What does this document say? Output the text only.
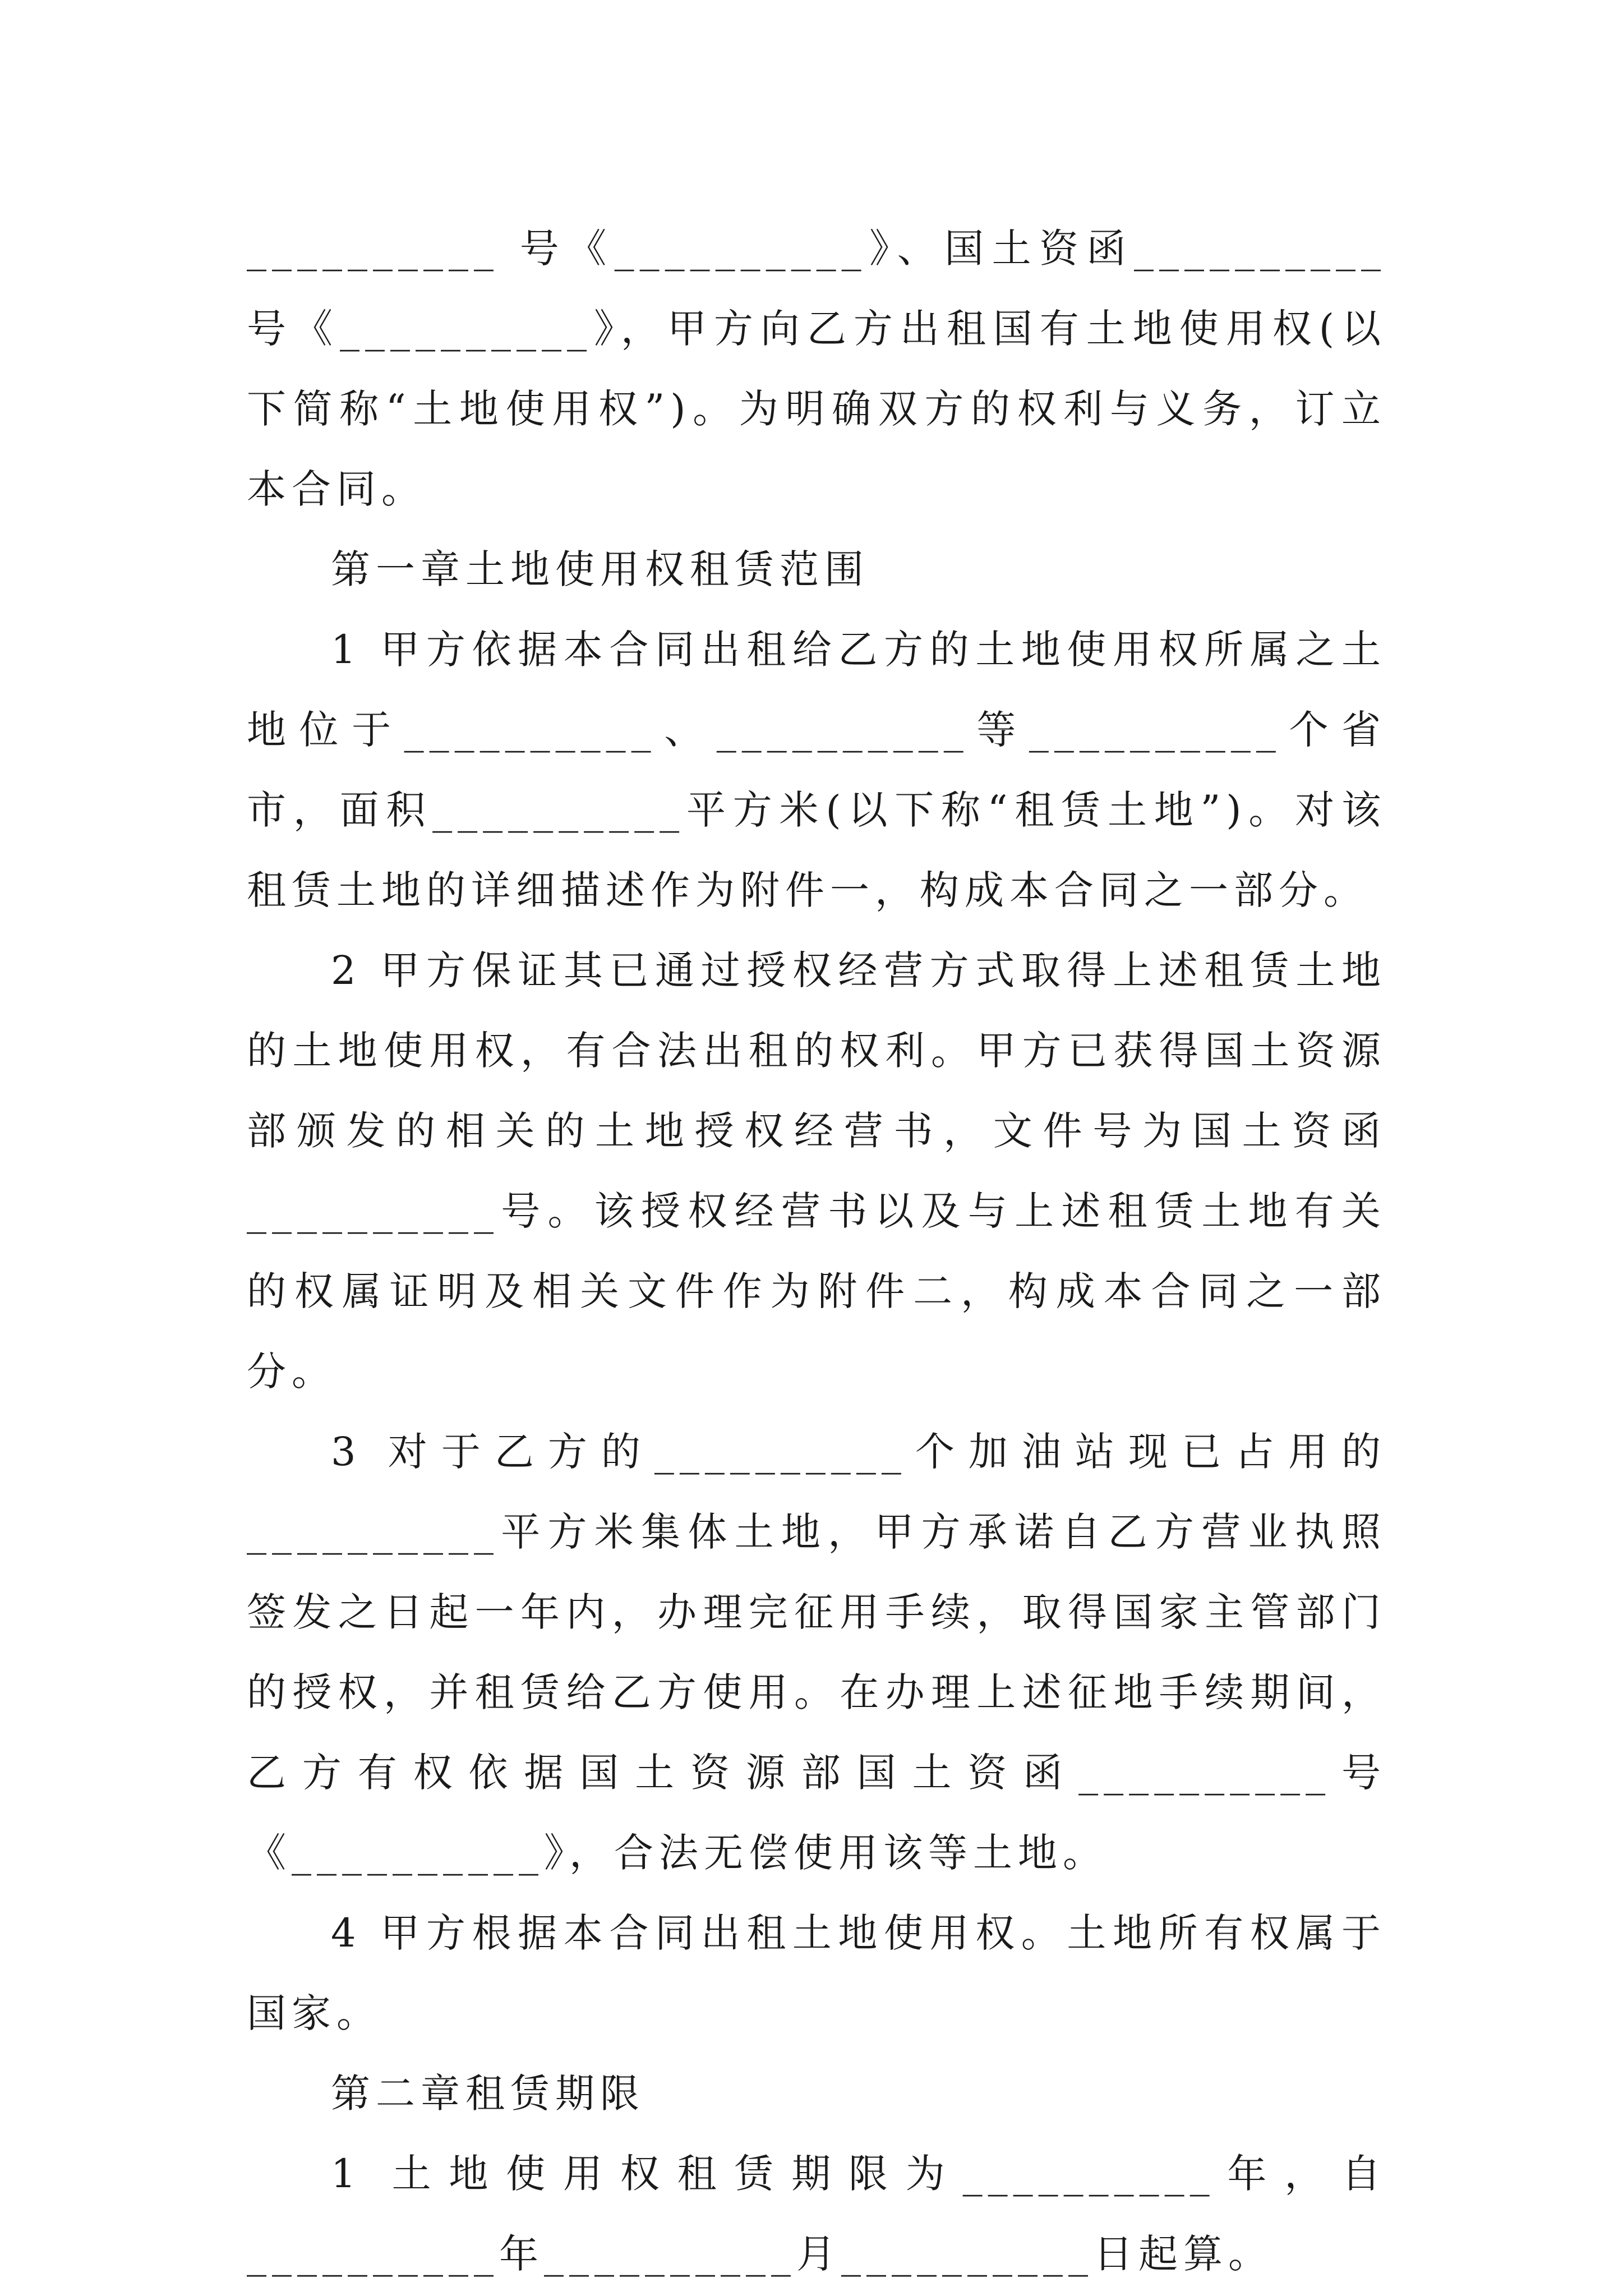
__________ 号《__________》、国土资函__________号《__________》，甲方向乙方出租国有土地使用权(以下简称“土地使用权”)。为明确双方的权利与义务，订立本合同。

第一章土地使用权租赁范围

1 甲方依据本合同出租给乙方的土地使用权所属之土地位于__________、__________等__________个省市，面积__________平方米(以下称“租赁土地”)。对该租赁土地的详细描述作为附件一，构成本合同之一部分。

2 甲方保证其已通过授权经营方式取得上述租赁土地的土地使用权，有合法出租的权利。甲方已获得国土资源部颁发的相关的土地授权经营书，文件号为国土资函__________号。该授权经营书以及与上述租赁土地有关的权属证明及相关文件作为附件二，构成本合同之一部分。

3 对于乙方的__________个加油站现已占用的__________平方米集体土地，甲方承诺自乙方营业执照签发之日起一年内，办理完征用手续，取得国家主管部门的授权，并租赁给乙方使用。在办理上述征地手续期间，乙方有权依据国土资源部国土资函__________号《__________》，合法无偿使用该等土地。

4 甲方根据本合同出租土地使用权。土地所有权属于国家。

第二章租赁期限

1 土地使用权租赁期限为__________年，自__________年__________月__________日起算。
